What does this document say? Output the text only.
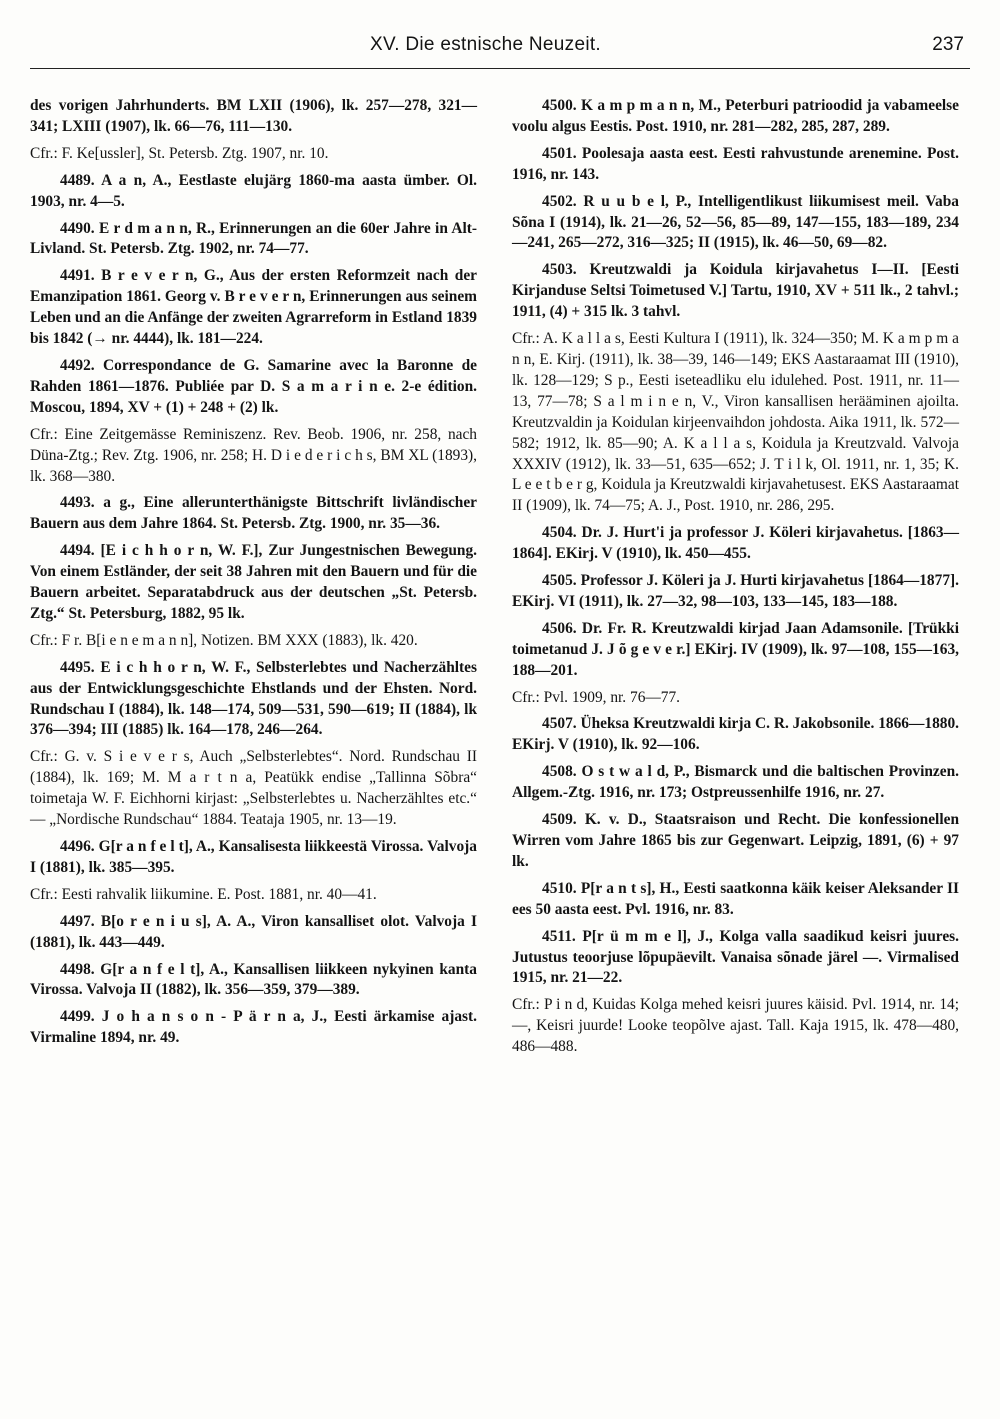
XV. Die estnische Neuzeit.	237

des vorigen Jahrhunderts. BM LXII (1906), lk. 257—278, 321—341; LXIII (1907), lk. 66—76, 111—130.

Cfr.: F. Ke[ussler], St. Petersb. Ztg. 1907, nr. 10.

4489. A a n, A., Eestlaste elujärg 1860-ma aasta ümber. Ol. 1903, nr. 4—5.

4490. E r d m a n n, R., Erinnerungen an die 60er Jahre in Alt-Livland. St. Petersb. Ztg. 1902, nr. 74—77.

4491. B r e v e r n, G., Aus der ersten Reformzeit nach der Emanzipation 1861. Georg v. B r e v e r n, Erinnerungen aus seinem Leben und an die Anfänge der zweiten Agrarreform in Estland 1839 bis 1842 (→ nr. 4444), lk. 181—224.

4492. Correspondance de G. Samarine avec la Baronne de Rahden 1861—1876. Publiée par D. S a m a r i n e. 2-e édition. Moscou, 1894, XV + (1) + 248 + (2) lk.

Cfr.: Eine Zeitgemässe Reminiszenz. Rev. Beob. 1906, nr. 258, nach Düna-Ztg.; Rev. Ztg. 1906, nr. 258; H. D i e d e r i c h s, BM XL (1893), lk. 368—380.

4493. a g., Eine allerunterthänigste Bittschrift livländischer Bauern aus dem Jahre 1864. St. Petersb. Ztg. 1900, nr. 35—36.

4494. [E i c h h o r n, W. F.], Zur Jungestnischen Bewegung. Von einem Estländer, der seit 38 Jahren mit den Bauern und für die Bauern arbeitet. Separatabdruck aus der deutschen „St. Petersb. Ztg.“ St. Petersburg, 1882, 95 lk.

Cfr.: F r. B[i e n e m a n n], Notizen. BM XXX (1883), lk. 420.

4495. E i c h h o r n, W. F., Selbsterlebtes und Nacherzähltes aus der Entwicklungsgeschichte Ehstlands und der Ehsten. Nord. Rundschau I (1884), lk. 148—174, 509—531, 590—619; II (1884), lk 376—394; III (1885) lk. 164—178, 246—264.

Cfr.: G. v. S i e v e r s, Auch „Selbsterlebtes“. Nord. Rundschau II (1884), lk. 169; M. M a r t n a, Peatükk endise „Tallinna Sõbra“ toimetaja W. F. Eichhorni kirjast: „Selbsterlebtes u. Nacherzähltes etc.“ — „Nordische Rundschau“ 1884. Teataja 1905, nr. 13—19.

4496. G[r a n f e l t], A., Kansalisesta liikkeestä Virossa. Valvoja I (1881), lk. 385—395.

Cfr.: Eesti rahvalik liikumine. E. Post. 1881, nr. 40—41.

4497. B[o r e n i u s], A. A., Viron kansalliset olot. Valvoja I (1881), lk. 443—449.

4498. G[r a n f e l t], A., Kansallisen liikkeen nykyinen kanta Virossa. Valvoja II (1882), lk. 356—359, 379—389.

4499. J o h a n s o n - P ä r n a, J., Eesti ärkamise ajast. Virmaline 1894, nr. 49.

4500. K a m p m a n n, M., Peterburi patrioodid ja vabameelse voolu algus Eestis. Post. 1910, nr. 281—282, 285, 287, 289.

4501. Poolesaja aasta eest. Eesti rahvustunde arenemine. Post. 1916, nr. 143.

4502. R u u b e l, P., Intelligentlikust liikumisest meil. Vaba Sõna I (1914), lk. 21—26, 52—56, 85—89, 147—155, 183—189, 234—241, 265—272, 316—325; II (1915), lk. 46—50, 69—82.

4503. Kreutzwaldi ja Koidula kirjavahetus I—II. [Eesti Kirjanduse Seltsi Toimetused V.] Tartu, 1910, XV + 511 lk., 2 tahvl.; 1911, (4) + 315 lk. 3 tahvl.

Cfr.: A. K a l l a s, Eesti Kultura I (1911), lk. 324—350; M. K a m p m a n n, E. Kirj. (1911), lk. 38—39, 146—149; EKS Aastaraamat III (1910), lk. 128—129; S p., Eesti iseteadliku elu idulehed. Post. 1911, nr. 11—13, 77—78; S a l m i n e n, V., Viron kansallisen herääminen ajoilta. Kreutzvaldin ja Koidulan kirjeenvaihdon johdosta. Aika 1911, lk. 572—582; 1912, lk. 85—90; A. K a l l a s, Koidula ja Kreutzvald. Valvoja XXXIV (1912), lk. 33—51, 635—652; J. T i l k, Ol. 1911, nr. 1, 35; K. L e e t b e r g, Koidula ja Kreutzwaldi kirjavahetusest. EKS Aastaraamat II (1909), lk. 74—75; A. J., Post. 1910, nr. 286, 295.

4504. Dr. J. Hurt'i ja professor J. Köleri kirjavahetus. [1863—1864]. EKirj. V (1910), lk. 450—455.

4505. Professor J. Köleri ja J. Hurti kirjavahetus [1864—1877]. EKirj. VI (1911), lk. 27—32, 98—103, 133—145, 183—188.

4506. Dr. Fr. R. Kreutzwaldi kirjad Jaan Adamsonile. [Trükki toimetanud J. J õ g e v e r.] EKirj. IV (1909), lk. 97—108, 155—163, 188—201.

Cfr.: Pvl. 1909, nr. 76—77.

4507. Üheksa Kreutzwaldi kirja C. R. Jakobsonile. 1866—1880. EKirj. V (1910), lk. 92—106.

4508. O s t w a l d, P., Bismarck und die baltischen Provinzen. Allgem.-Ztg. 1916, nr. 173; Ostpreussenhilfe 1916, nr. 27.

4509. K. v. D., Staatsraison und Recht. Die konfessionellen Wirren vom Jahre 1865 bis zur Gegenwart. Leipzig, 1891, (6) + 97 lk.

4510. P[r a n t s], H., Eesti saatkonna käik keiser Aleksander II ees 50 aasta eest. Pvl. 1916, nr. 83.

4511. P[r ü m m e l], J., Kolga valla saadikud keisri juures. Jutustus teoorjuse lõpupäevilt. Vanaisa sõnade järel —. Virmalised 1915, nr. 21—22.

Cfr.: P i n d, Kuidas Kolga mehed keisri juures käisid. Pvl. 1914, nr. 14; —, Keisri juurde! Looke teopõlve ajast. Tall. Kaja 1915, lk. 478—480, 486—488.
